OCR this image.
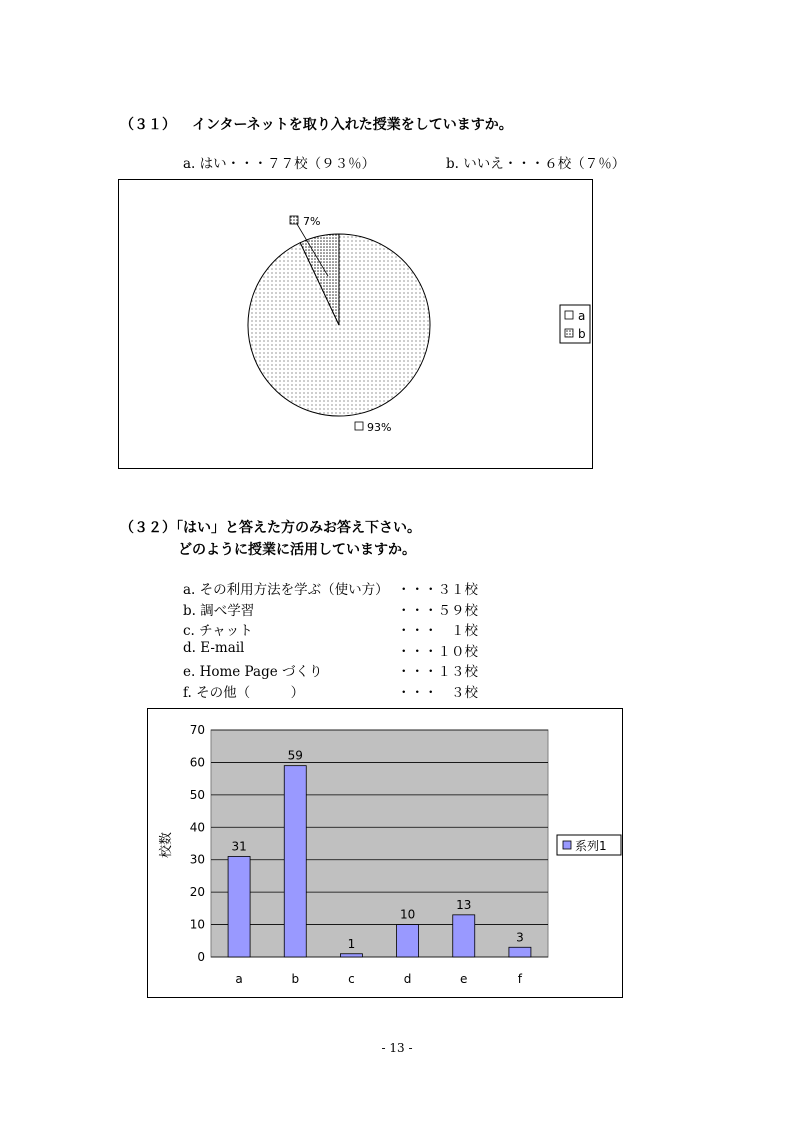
（３１） インターネットを取り入れた授業をしていますか。
a. はい・・・７７校（９３％）	b. いいえ・・・６校（７％）
7%
93%
a
b
（３２）「はい」と答えた方のみお答え下さい。
どのように授業に活用していますか。
a. その利用方法を学ぶ（使い方） ・・・３１校
b. 調べ学習	・・・５９校
c. チャット	・・・　１校
d. E-mail	・・・１０校
e. Home Page づくり	・・・１３校
f. その他（　　　）	・・・　３校
0
10
20
30
40
50
60
70
31
59
1
10
13
3
a	b	c	d	e	f
校数	系列1
- 13 -
